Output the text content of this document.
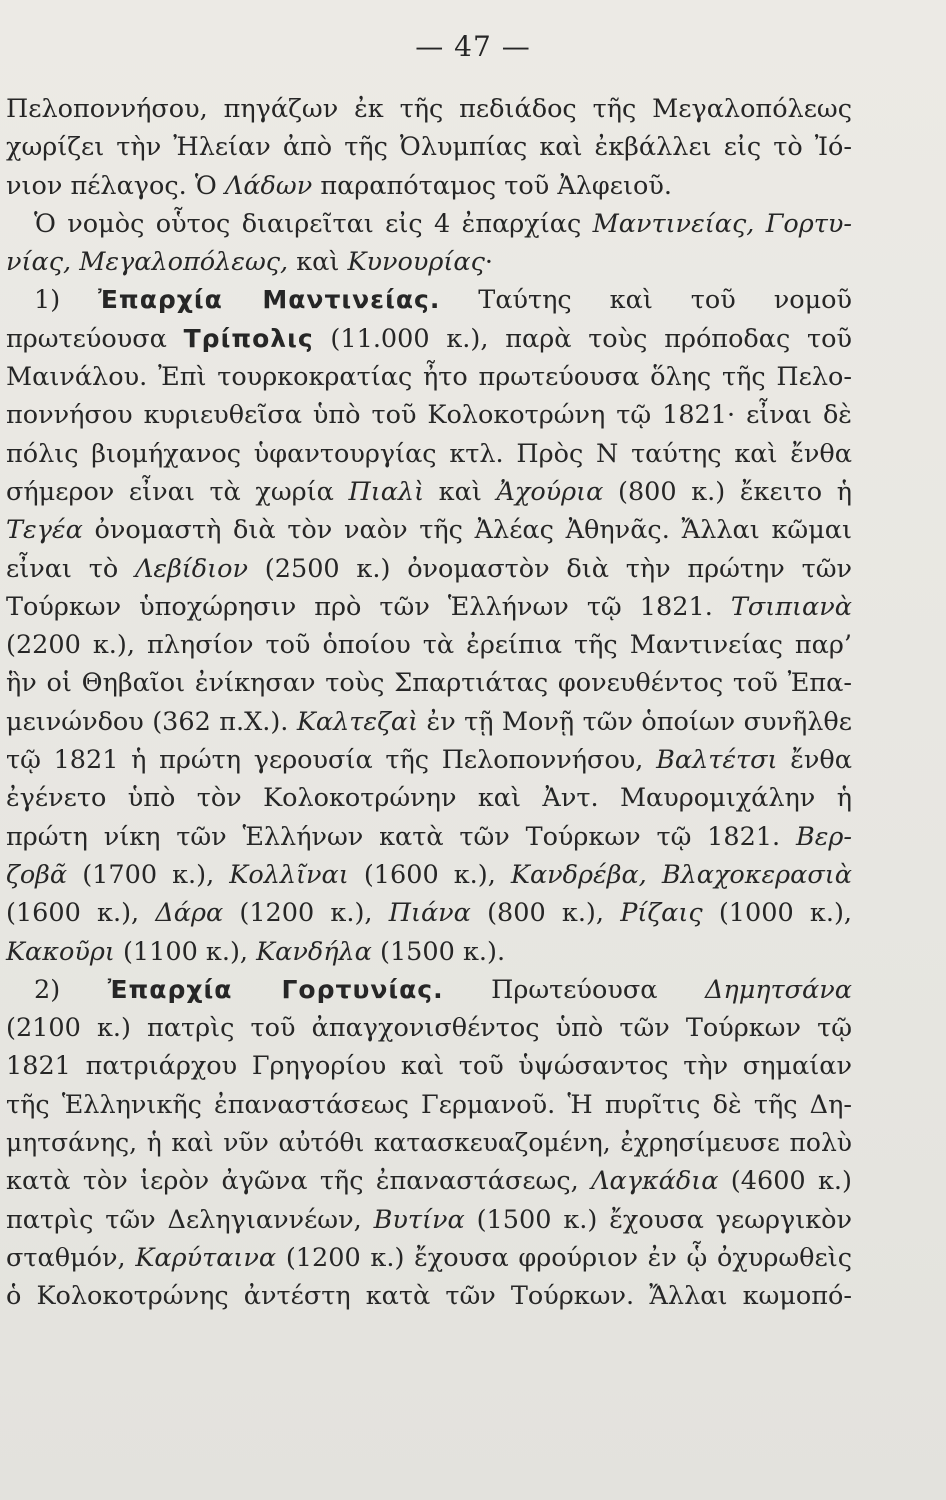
— 47 —
Πελοποννήσου, πηγάζων ἐκ τῆς πεδιάδος τῆς Μεγαλοπόλεως
χωρίζει τὴν Ἠλείαν ἀπὸ τῆς Ὀλυμπίας καὶ ἐκβάλλει εἰς τὸ Ἰό-
νιον πέλαγος. Ὁ Λάδων παραπόταμος τοῦ Ἀλφειοῦ.
Ὁ νομὸς οὗτος διαιρεῖται εἰς 4 ἐπαρχίας Μαντινείας, Γορτυ-
νίας, Μεγαλοπόλεως, καὶ Κυνουρίας·
1) Ἐπαρχία Μαντινείας. Ταύτης καὶ τοῦ νομοῦ
πρωτεύουσα Τρίπολις (11.000 κ.), παρὰ τοὺς πρόποδας τοῦ
Μαινάλου. Ἐπὶ τουρκοκρατίας ἦτο πρωτεύουσα ὅλης τῆς Πελο-
ποννήσου κυριευθεῖσα ὑπὸ τοῦ Κολοκοτρώνη τῷ 1821· εἶναι δὲ
πόλις βιομήχανος ὑφαντουργίας κτλ. Πρὸς Ν ταύτης καὶ ἔνθα
σήμερον εἶναι τὰ χωρία Πιαλὶ καὶ Ἀχούρια (800 κ.) ἔκειτο ἡ
Τεγέα ὀνομαστὴ διὰ τὸν ναὸν τῆς Ἀλέας Ἀθηνᾶς. Ἄλλαι κῶμαι
εἶναι τὸ Λεβίδιον (2500 κ.) ὀνομαστὸν διὰ τὴν πρώτην τῶν
Τούρκων ὑποχώρησιν πρὸ τῶν Ἑλλήνων τῷ 1821. Τσιπιανὰ
(2200 κ.), πλησίον τοῦ ὁποίου τὰ ἐρείπια τῆς Μαντινείας παρ’
ἣν οἱ Θηβαῖοι ἐνίκησαν τοὺς Σπαρτιάτας φονευθέντος τοῦ Ἐπα-
μεινώνδου (362 π.Χ.). Καλτεζαὶ ἐν τῇ Μονῇ τῶν ὁποίων συνῆλθε
τῷ 1821 ἡ πρώτη γερουσία τῆς Πελοποννήσου, Βαλτέτσι ἔνθα
ἐγένετο ὑπὸ τὸν Κολοκοτρώνην καὶ Ἀντ. Μαυρομιχάλην ἡ
πρώτη νίκη τῶν Ἑλλήνων κατὰ τῶν Τούρκων τῷ 1821. Βερ-
ζοβᾶ (1700 κ.), Κολλῖναι (1600 κ.), Κανδρέβα, Βλαχοκερασιὰ
(1600 κ.), Δάρα (1200 κ.), Πιάνα (800 κ.), Ρίζαις (1000 κ.),
Κακοῦρι (1100 κ.), Κανδήλα (1500 κ.).
2) Ἐπαρχία Γορτυνίας. Πρωτεύουσα Δημητσάνα
(2100 κ.) πατρὶς τοῦ ἀπαγχονισθέντος ὑπὸ τῶν Τούρκων τῷ
1821 πατριάρχου Γρηγορίου καὶ τοῦ ὑψώσαντος τὴν σημαίαν
τῆς Ἑλληνικῆς ἐπαναστάσεως Γερμανοῦ. Ἡ πυρῖτις δὲ τῆς Δη-
μητσάνης, ἡ καὶ νῦν αὐτόθι κατασκευαζομένη, ἐχρησίμευσε πολὺ
κατὰ τὸν ἱερὸν ἀγῶνα τῆς ἐπαναστάσεως, Λαγκάδια (4600 κ.)
πατρὶς τῶν Δεληγιαννέων, Βυτίνα (1500 κ.) ἔχουσα γεωργικὸν
σταθμόν, Καρύταινα (1200 κ.) ἔχουσα φρούριον ἐν ᾧ ὀχυρωθεὶς
ὁ Κολοκοτρώνης ἀντέστη κατὰ τῶν Τούρκων. Ἄλλαι κωμοπό-
